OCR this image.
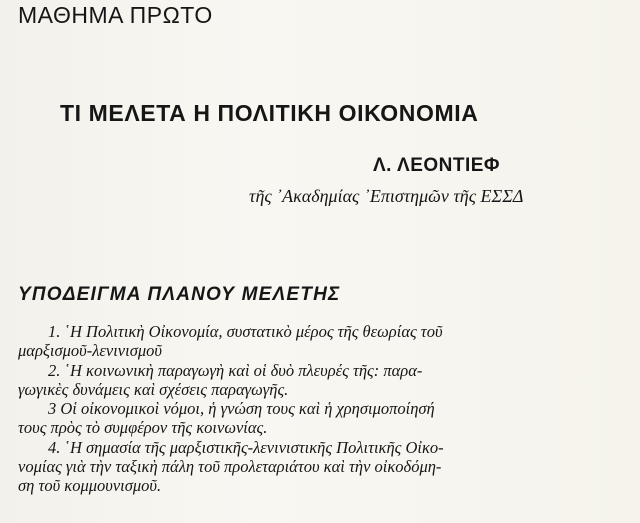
ΜΑΘΗΜΑ ΠΡΩΤΟ
ΤΙ ΜΕΛΕΤΑ Η ΠΟΛΙΤΙΚΗ ΟΙΚΟΝΟΜΙΑ
Λ. ΛΕΟΝΤΙΕΦ
τῆς ᾿Ακαδημίας ᾿Επιστημῶν τῆς ΕΣΣΔ
ΥΠΟΔΕΙΓΜΑ ΠΛΑΝΟΥ ΜΕΛΕΤΗΣ
1. ῾Η Πολιτικὴ Οἰκονομία, συστατικὸ μέρος τῆς θεωρίας τοῦ
μαρξισμοῦ-λενινισμοῦ
2. ῾Η κοινωνικὴ παραγωγὴ καὶ οἱ δυὸ πλευρές τῆς: παρα-
γωγικὲς δυνάμεις καὶ σχέσεις παραγωγῆς.
3 Οἱ οἰκονομικοὶ νόμοι, ἡ γνώση τους καὶ ἡ χρησιμοποίησή
τους πρὸς τὸ συμφέρον τῆς κοινωνίας.
4. ῾Η σημασία τῆς μαρξιστικῆς-λενινιστικῆς Πολιτικῆς Οἰκο-
νομίας γιὰ τὴν ταξικὴ πάλη τοῦ προλεταριάτου καὶ τὴν οἰκοδόμη-
ση τοῦ κομμουνισμοῦ.
